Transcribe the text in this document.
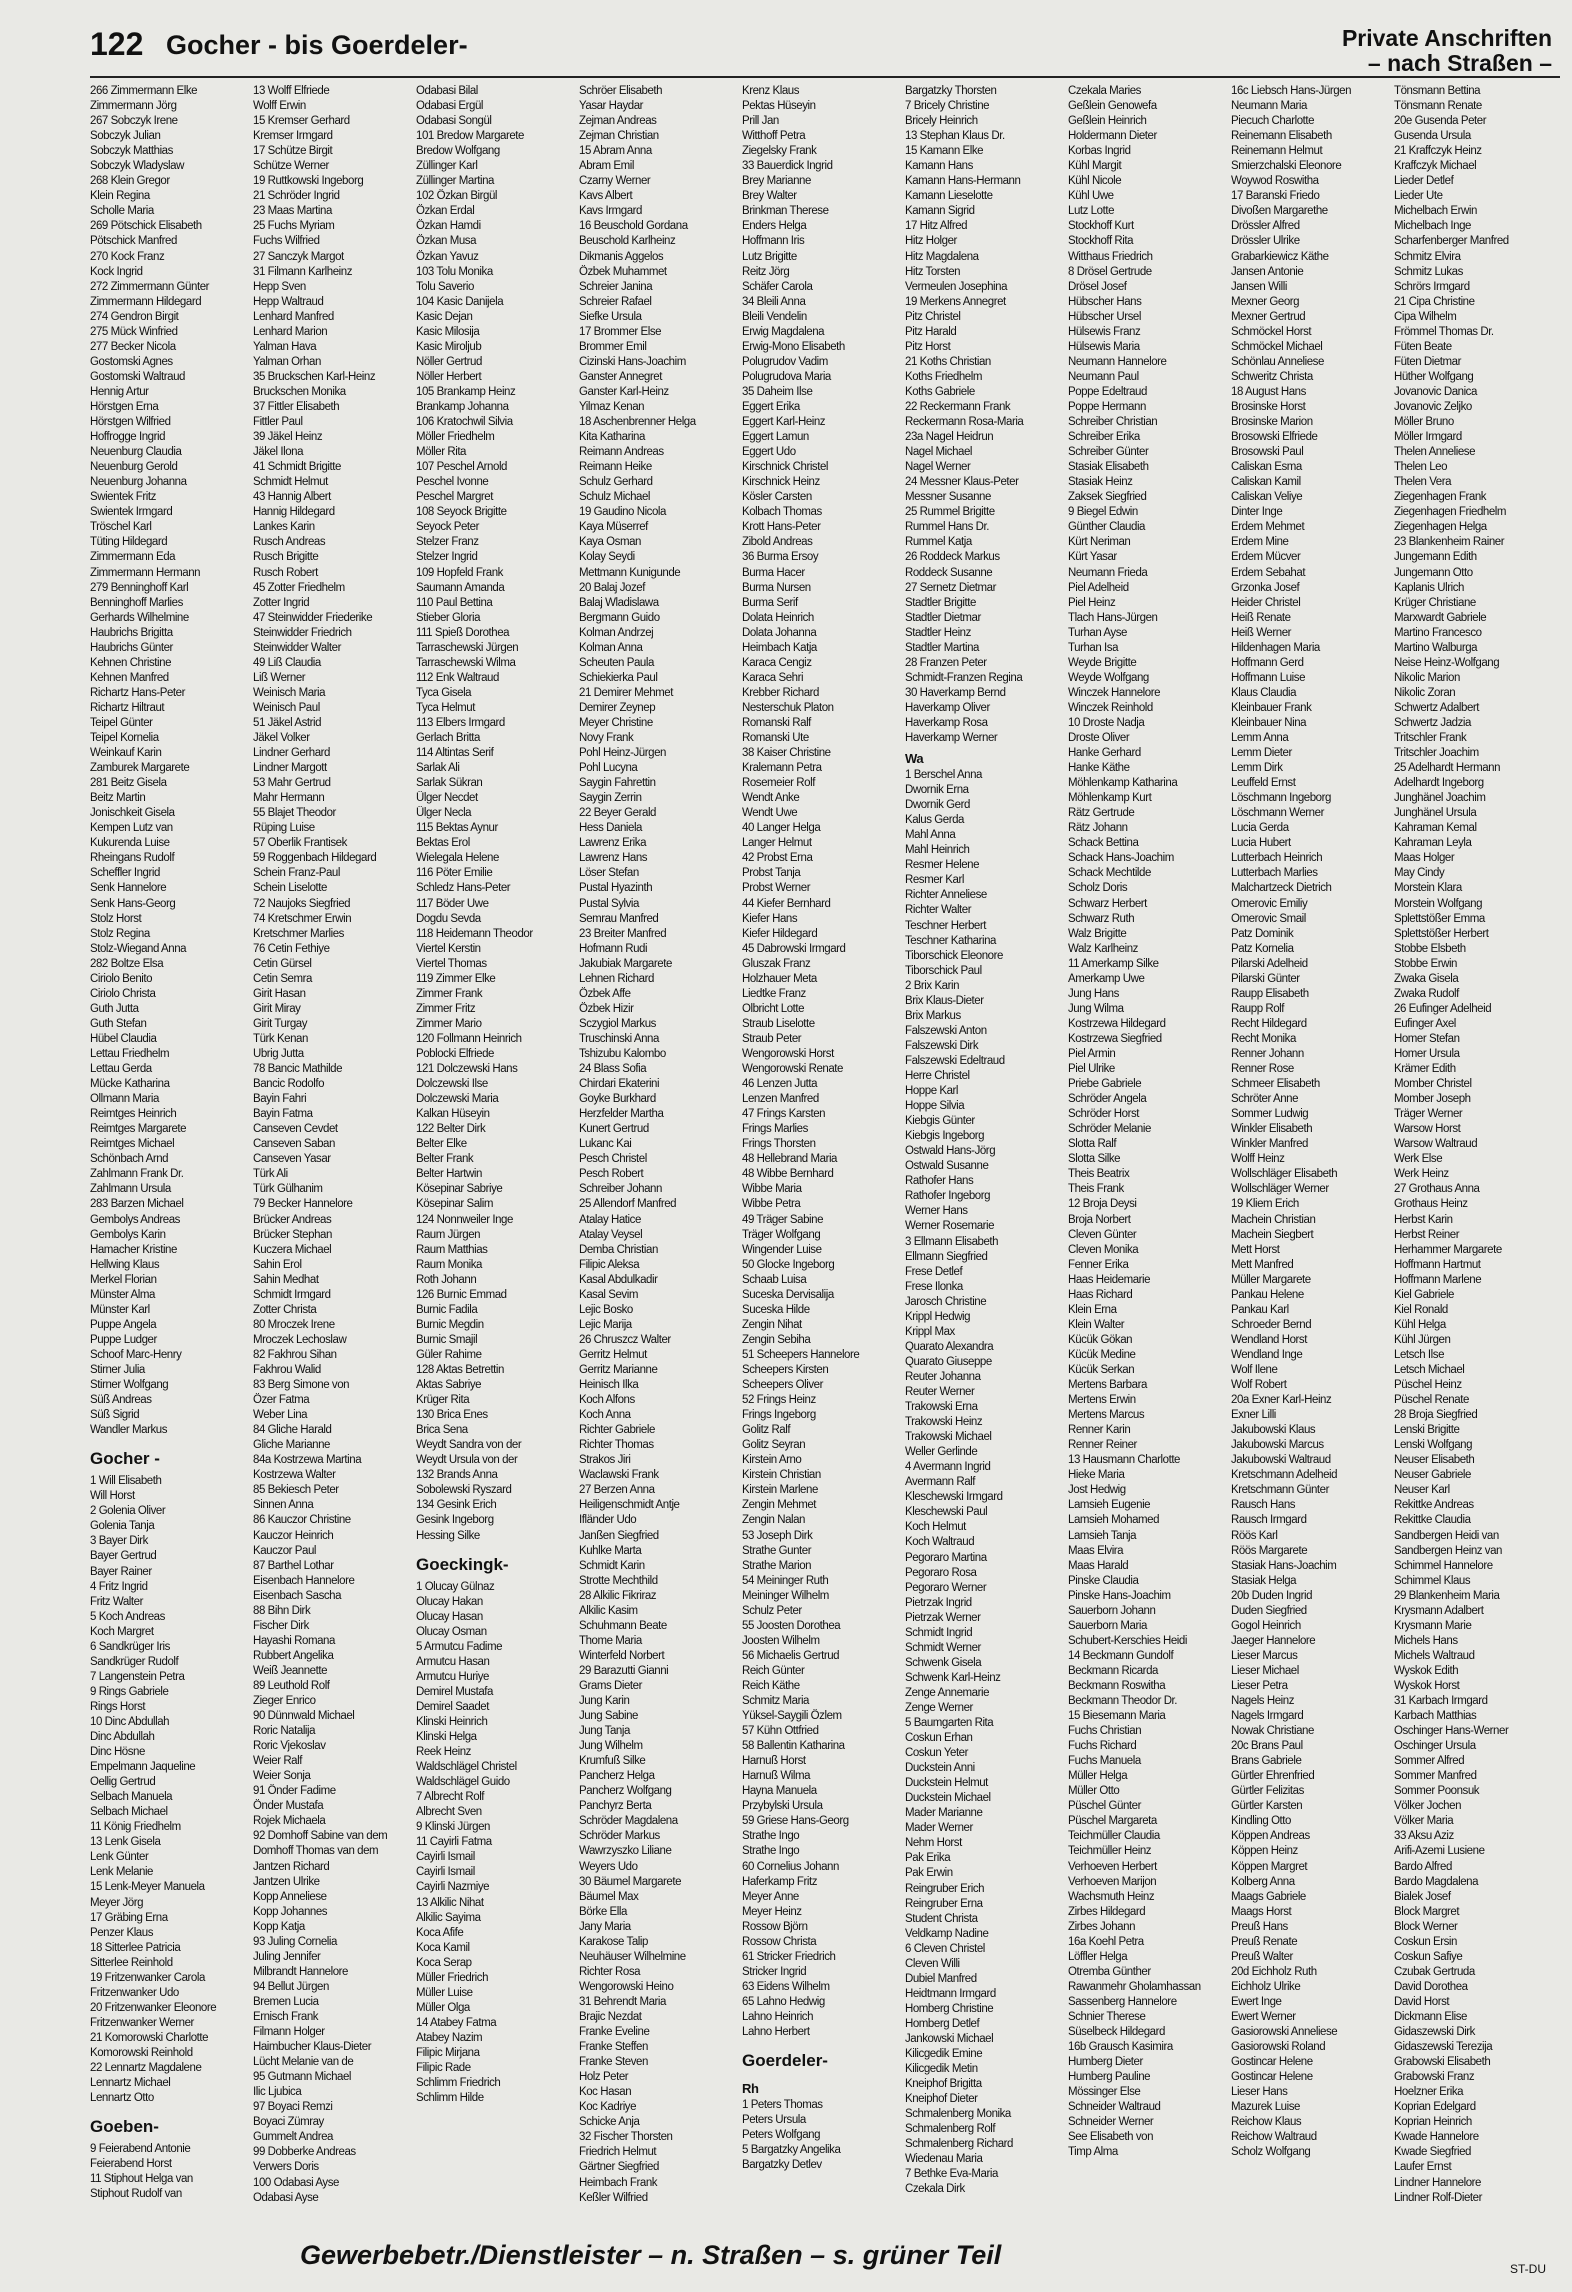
122 Gocher - bis Goerdeler-	Private Anschriften
– nach Straßen –
266 Zimmermann Elke
Zimmermann Jörg
267 Sobczyk Irene
Sobczyk Julian
Sobczyk Matthias
Sobczyk Wladyslaw
268 Klein Gregor
Klein Regina
Scholle Maria
269 Pötschick Elisabeth
Pötschick Manfred
270 Kock Franz
Kock Ingrid
272 Zimmermann Günter
Zimmermann Hildegard
274 Gendron Birgit
275 Mück Winfried
277 Becker Nicola
Gostomski Agnes
Gostomski Waltraud
Hennig Artur
Hörstgen Erna
Hörstgen Wilfried
Hoffrogge Ingrid
Neuenburg Claudia
Neuenburg Gerold
Neuenburg Johanna
Swientek Fritz
Swientek Irmgard
Tröschel Karl
Tüting Hildegard
Zimmermann Eda
Zimmermann Hermann
279 Benninghoff Karl
Benninghoff Marlies
Gerhards Wilhelmine
Haubrichs Brigitta
Haubrichs Günter
Kehnen Christine
Kehnen Manfred
Richartz Hans-Peter
Richartz Hiltraut
Teipel Günter
Teipel Kornelia
Weinkauf Karin
Zamburek Margarete
281 Beitz Gisela
Beitz Martin
Jonischkeit Gisela
Kempen Lutz van
Kukurenda Luise
Rheingans Rudolf
Scheffler Ingrid
Senk Hannelore
Senk Hans-Georg
Stolz Horst
Stolz Regina
Stolz-Wiegand Anna
282 Boltze Elsa
Ciriolo Benito
Ciriolo Christa
Guth Jutta
Guth Stefan
Hübel Claudia
Lettau Friedhelm
Lettau Gerda
Mücke Katharina
Ollmann Maria
Reimtges Heinrich
Reimtges Margarete
Reimtges Michael
Schönbach Arnd
Zahlmann Frank Dr.
Zahlmann Ursula
283 Barzen Michael
Gembolys Andreas
Gembolys Karin
Hamacher Kristine
Hellwing Klaus
Merkel Florian
Münster Alma
Münster Karl
Puppe Angela
Puppe Ludger
Schoof Marc-Henry
Stirner Julia
Stirner Wolfgang
Süß Andreas
Süß Sigrid
Wandler Markus
Gocher -
1 Will Elisabeth
Will Horst
2 Golenia Oliver
Golenia Tanja
3 Bayer Dirk
Bayer Gertrud
Bayer Rainer
4 Fritz Ingrid
Fritz Walter
5 Koch Andreas
Koch Margret
6 Sandkrüger Iris
Sandkrüger Rudolf
7 Langenstein Petra
9 Rings Gabriele
Rings Horst
10 Dinc Abdullah
Dinc Abdullah
Dinc Hösne
Empelmann Jaqueline
Oellig Gertrud
Selbach Manuela
Selbach Michael
11 König Friedhelm
13 Lenk Gisela
Lenk Günter
Lenk Melanie
15 Lenk-Meyer Manuela
Meyer Jörg
17 Gräbing Erna
Penzer Klaus
18 Sitterlee Patricia
Sitterlee Reinhold
19 Fritzenwanker Carola
Fritzenwanker Udo
20 Fritzenwanker Eleonore
Fritzenwanker Werner
21 Komorowski Charlotte
Komorowski Reinhold
22 Lennartz Magdalene
Lennartz Michael
Lennartz Otto
Goeben-
9 Feierabend Antonie
Feierabend Horst
11 Stiphout Helga van
Stiphout Rudolf van
13 Wolff Elfriede
Wolff Erwin
15 Kremser Gerhard
Kremser Irmgard
17 Schütze Birgit
Schütze Werner
19 Ruttkowski Ingeborg
21 Schröder Ingrid
23 Maas Martina
25 Fuchs Myriam
Fuchs Wilfried
27 Sanczyk Margot
31 Filmann Karlheinz
Hepp Sven
Hepp Waltraud
Lenhard Manfred
Lenhard Marion
Yalman Hava
Yalman Orhan
35 Bruckschen Karl-Heinz
Bruckschen Monika
37 Fittler Elisabeth
Fittler Paul
39 Jäkel Heinz
Jäkel Ilona
41 Schmidt Brigitte
Schmidt Helmut
43 Hannig Albert
Hannig Hildegard
Lankes Karin
Rusch Andreas
Rusch Brigitte
Rusch Robert
45 Zotter Friedhelm
Zotter Ingrid
47 Steinwidder Friederike
Steinwidder Friedrich
Steinwidder Walter
49 Liß Claudia
Liß Werner
Weinisch Maria
Weinisch Paul
51 Jäkel Astrid
Jäkel Volker
Lindner Gerhard
Lindner Margott
53 Mahr Gertrud
Mahr Hermann
55 Blajet Theodor
Rüping Luise
57 Oberlik Frantisek
59 Roggenbach Hildegard
Schein Franz-Paul
Schein Liselotte
72 Naujoks Siegfried
74 Kretschmer Erwin
Kretschmer Marlies
76 Cetin Fethiye
Cetin Gürsel
Cetin Semra
Girit Hasan
Girit Miray
Girit Turgay
Türk Kenan
Ubrig Jutta
78 Bancic Mathilde
Bancic Rodolfo
Bayin Fahri
Bayin Fatma
Canseven Cevdet
Canseven Saban
Canseven Yasar
Türk Ali
Türk Gülhanim
79 Becker Hannelore
Brücker Andreas
Brücker Stephan
Kuczera Michael
Sahin Erol
Sahin Medhat
Schmidt Irmgard
Zotter Christa
80 Mroczek Irene
Mroczek Lechoslaw
82 Fakhrou Sihan
Fakhrou Walid
83 Berg Simone von
Özer Fatma
Weber Lina
84 Gliche Harald
Gliche Marianne
84a Kostrzewa Martina
Kostrzewa Walter
85 Bekiesch Peter
Sinnen Anna
86 Kauczor Christine
Kauczor Heinrich
Kauczor Paul
87 Barthel Lothar
Eisenbach Hannelore
Eisenbach Sascha
88 Bihn Dirk
Fischer Dirk
Hayashi Romana
Rubbert Angelika
Weiß Jeannette
89 Leuthold Rolf
Zieger Enrico
90 Dünnwald Michael
Roric Natalija
Roric Vjekoslav
Weier Ralf
Weier Sonja
91 Önder Fadime
Önder Mustafa
Rojek Michaela
92 Domhoff Sabine van dem
Domhoff Thomas van dem
Jantzen Richard
Jantzen Ulrike
Kopp Anneliese
Kopp Johannes
Kopp Katja
93 Juling Cornelia
Juling Jennifer
Milbrandt Hannelore
94 Bellut Jürgen
Bremen Lucia
Ernisch Frank
Filmann Holger
Haimbucher Klaus-Dieter
Lücht Melanie van de
95 Gutmann Michael
Ilic Ljubica
97 Boyaci Remzi
Boyaci Zümray
Gummelt Andrea
99 Dobberke Andreas
Verwers Doris
100 Odabasi Ayse
Odabasi Ayse
Odabasi Bilal
Odabasi Ergül
Odabasi Songül
101 Bredow Margarete
Bredow Wolfgang
Züllinger Karl
Züllinger Martina
102 Özkan Birgül
Özkan Erdal
Özkan Hamdi
Özkan Musa
Özkan Yavuz
103 Tolu Monika
Tolu Saverio
104 Kasic Danijela
Kasic Dejan
Kasic Milosija
Kasic Miroljub
Nöller Gertrud
Nöller Herbert
105 Brankamp Heinz
Brankamp Johanna
106 Kratochwil Silvia
Möller Friedhelm
Möller Rita
107 Peschel Arnold
Peschel Ivonne
Peschel Margret
108 Seyock Brigitte
Seyock Peter
Stelzer Franz
Stelzer Ingrid
109 Hopfeld Frank
Saumann Amanda
110 Paul Bettina
Stieber Gloria
111 Spieß Dorothea
Tarraschewski Jürgen
Tarraschewski Wilma
112 Enk Waltraud
Tyca Gisela
Tyca Helmut
113 Elbers Irmgard
Gerlach Britta
114 Altintas Serif
Sarlak Ali
Sarlak Sükran
Ülger Necdet
Ülger Necla
115 Bektas Aynur
Bektas Erol
Wielegala Helene
116 Pöter Emilie
Schledz Hans-Peter
117 Böder Uwe
Dogdu Sevda
118 Heidemann Theodor
Viertel Kerstin
Viertel Thomas
119 Zimmer Elke
Zimmer Frank
Zimmer Fritz
Zimmer Mario
120 Follmann Heinrich
Poblocki Elfriede
121 Dolczewski Hans
Dolczewski Ilse
Dolczewski Maria
Kalkan Hüseyin
122 Belter Dirk
Belter Elke
Belter Frank
Belter Hartwin
Kösepinar Sabriye
Kösepinar Salim
124 Nonnweiler Inge
Raum Jürgen
Raum Matthias
Raum Monika
Roth Johann
126 Burnic Emmad
Burnic Fadila
Burnic Megdin
Burnic Smajil
Güler Rahime
128 Aktas Betrettin
Aktas Sabriye
Krüger Rita
130 Brica Enes
Brica Sena
Weydt Sandra von der
Weydt Ursula von der
132 Brands Anna
Sobolewski Ryszard
134 Gesink Erich
Gesink Ingeborg
Hessing Silke
Goeckingk-
1 Olucay Gülnaz
Olucay Hakan
Olucay Hasan
Olucay Osman
5 Armutcu Fadime
Armutcu Hasan
Armutcu Huriye
Demirel Mustafa
Demirel Saadet
Klinski Heinrich
Klinski Helga
Reek Heinz
Waldschlägel Christel
Waldschlägel Guido
7 Albrecht Rolf
Albrecht Sven
9 Klinski Jürgen
11 Cayirli Fatma
Cayirli Ismail
Cayirli Ismail
Cayirli Nazmiye
13 Alkilic Nihat
Alkilic Sayima
Koca Afife
Koca Kamil
Koca Serap
Müller Friedrich
Müller Luise
Müller Olga
14 Atabey Fatma
Atabey Nazim
Filipic Mirjana
Filipic Rade
Schlimm Friedrich
Schlimm Hilde
Schröer Elisabeth
Yasar Haydar
Zejman Andreas
Zejman Christian
15 Abram Anna
Abram Emil
Czarny Werner
Kavs Albert
Kavs Irmgard
16 Beuschold Gordana
Beuschold Karlheinz
Dikmanis Aggelos
Özbek Muhammet
Schreier Janina
Schreier Rafael
Siefke Ursula
17 Brommer Else
Brommer Emil
Cizinski Hans-Joachim
Ganster Annegret
Ganster Karl-Heinz
Yilmaz Kenan
18 Aschenbrenner Helga
Kita Katharina
Reimann Andreas
Reimann Heike
Schulz Gerhard
Schulz Michael
19 Gaudino Nicola
Kaya Müserref
Kaya Osman
Kolay Seydi
Mettmann Kunigunde
20 Balaj Jozef
Balaj Wladislawa
Bergmann Guido
Kolman Andrzej
Kolman Anna
Scheuten Paula
Schiekierka Paul
21 Demirer Mehmet
Demirer Zeynep
Meyer Christine
Novy Frank
Pohl Heinz-Jürgen
Pohl Lucyna
Saygin Fahrettin
Saygin Zerrin
22 Beyer Gerald
Hess Daniela
Lawrenz Erika
Lawrenz Hans
Löser Stefan
Pustal Hyazinth
Pustal Sylvia
Semrau Manfred
23 Breiter Manfred
Hofmann Rudi
Jakubiak Margarete
Lehnen Richard
Özbek Affe
Özbek Hizir
Sczygiol Markus
Truschinski Anna
Tshizubu Kalombo
24 Blass Sofia
Chirdari Ekaterini
Goyke Burkhard
Herzfelder Martha
Kunert Gertrud
Lukanc Kai
Pesch Christel
Pesch Robert
Schreiber Johann
25 Allendorf Manfred
Atalay Hatice
Atalay Veysel
Demba Christian
Filipic Aleksa
Kasal Abdulkadir
Kasal Sevim
Lejic Bosko
Lejic Marija
26 Chruszcz Walter
Gerritz Helmut
Gerritz Marianne
Heinisch Ilka
Koch Alfons
Koch Anna
Richter Gabriele
Richter Thomas
Strakos Jiri
Waclawski Frank
27 Berzen Anna
Heiligenschmidt Antje
Ifländer Udo
Janßen Siegfried
Kuhlke Marta
Schmidt Karin
Strotte Mechthild
28 Alkilic Fikriraz
Alkilic Kasim
Schuhmann Beate
Thome Maria
Winterfeld Norbert
29 Barazutti Gianni
Grams Dieter
Jung Karin
Jung Sabine
Jung Tanja
Jung Wilhelm
Krumfuß Silke
Pancherz Helga
Pancherz Wolfgang
Panchyrz Berta
Schröder Magdalena
Schröder Markus
Wawrzyszko Liliane
Weyers Udo
30 Bäumel Margarete
Bäumel Max
Börke Ella
Jany Maria
Karakose Talip
Neuhäuser Wilhelmine
Richter Rosa
Wengorowski Heino
31 Behrendt Maria
Brajic Nezdat
Franke Eveline
Franke Steffen
Franke Steven
Holz Peter
Koc Hasan
Koc Kadriye
Schicke Anja
32 Fischer Thorsten
Friedrich Helmut
Gärtner Siegfried
Heimbach Frank
Keßler Wilfried
Krenz Klaus
Pektas Hüseyin
Prill Jan
Witthoff Petra
Ziegelsky Frank
33 Bauerdick Ingrid
Brey Marianne
Brey Walter
Brinkman Therese
Enders Helga
Hoffmann Iris
Lutz Brigitte
Reitz Jörg
Schäfer Carola
34 Bleili Anna
Bleili Vendelin
Erwig Magdalena
Erwig-Mono Elisabeth
Polugrudov Vadim
Polugrudova Maria
35 Daheim Ilse
Eggert Erika
Eggert Karl-Heinz
Eggert Lamun
Eggert Udo
Kirschnick Christel
Kirschnick Heinz
Kösler Carsten
Kolbach Thomas
Krott Hans-Peter
Zibold Andreas
36 Burma Ersoy
Burma Hacer
Burma Nursen
Burma Serif
Dolata Heinrich
Dolata Johanna
Heimbach Katja
Karaca Cengiz
Karaca Sehri
Krebber Richard
Nesterschuk Platon
Romanski Ralf
Romanski Ute
38 Kaiser Christine
Kralemann Petra
Rosemeier Rolf
Wendt Anke
Wendt Uwe
40 Langer Helga
Langer Helmut
42 Probst Erna
Probst Tanja
Probst Werner
44 Kiefer Bernhard
Kiefer Hans
Kiefer Hildegard
45 Dabrowski Irmgard
Gluszak Franz
Holzhauer Meta
Liedtke Franz
Olbricht Lotte
Straub Liselotte
Straub Peter
Wengorowski Horst
Wengorowski Renate
46 Lenzen Jutta
Lenzen Manfred
47 Frings Karsten
Frings Marlies
Frings Thorsten
48 Hellebrand Maria
48 Wibbe Bernhard
Wibbe Maria
Wibbe Petra
49 Träger Sabine
Träger Wolfgang
Wingender Luise
50 Glocke Ingeborg
Schaab Luisa
Suceska Dervisalija
Suceska Hilde
Zengin Nihat
Zengin Sebiha
51 Scheepers Hannelore
Scheepers Kirsten
Scheepers Oliver
52 Frings Heinz
Frings Ingeborg
Golitz Ralf
Golitz Seyran
Kirstein Arno
Kirstein Christian
Kirstein Marlene
Zengin Mehmet
Zengin Nalan
53 Joseph Dirk
Strathe Gunter
Strathe Marion
54 Meininger Ruth
Meininger Wilhelm
Schulz Peter
55 Joosten Dorothea
Joosten Wilhelm
56 Michaelis Gertrud
Reich Günter
Reich Käthe
Schmitz Maria
Yüksel-Saygili Özlem
57 Kühn Ottfried
58 Ballentin Katharina
Harnuß Horst
Harnuß Wilma
Hayna Manuela
Przybylski Ursula
59 Griese Hans-Georg
Strathe Ingo
Strathe Ingo
60 Cornelius Johann
Haferkamp Fritz
Meyer Anne
Meyer Heinz
Rossow Björn
Rossow Christa
61 Stricker Friedrich
Stricker Ingrid
63 Eidens Wilhelm
65 Lahno Hedwig
Lahno Heinrich
Lahno Herbert
Goerdeler-
Rh
1 Peters Thomas
Peters Ursula
Peters Wolfgang
5 Bargatzky Angelika
Bargatzky Detlev
Bargatzky Thorsten
7 Bricely Christine
Bricely Heinrich
13 Stephan Klaus Dr.
15 Kamann Elke
Kamann Hans
Kamann Hans-Hermann
Kamann Lieselotte
Kamann Sigrid
17 Hitz Alfred
Hitz Holger
Hitz Magdalena
Hitz Torsten
Vermeulen Josephina
19 Merkens Annegret
Pitz Christel
Pitz Harald
Pitz Horst
21 Koths Christian
Koths Friedhelm
Koths Gabriele
22 Reckermann Frank
Reckermann Rosa-Maria
23a Nagel Heidrun
Nagel Michael
Nagel Werner
24 Messner Klaus-Peter
Messner Susanne
25 Rummel Brigitte
Rummel Hans Dr.
Rummel Katja
26 Roddeck Markus
Roddeck Susanne
27 Sernetz Dietmar
Stadtler Brigitte
Stadtler Dietmar
Stadtler Heinz
Stadtler Martina
28 Franzen Peter
Schmidt-Franzen Regina
30 Haverkamp Bernd
Haverkamp Oliver
Haverkamp Rosa
Haverkamp Werner
Wa
1 Berschel Anna
Dwornik Erna
Dwornik Gerd
Kalus Gerda
Mahl Anna
Mahl Heinrich
Resmer Helene
Resmer Karl
Richter Anneliese
Richter Walter
Teschner Herbert
Teschner Katharina
Tiborschick Eleonore
Tiborschick Paul
2 Brix Karin
Brix Klaus-Dieter
Brix Markus
Falszewski Anton
Falszewski Dirk
Falszewski Edeltraud
Herre Christel
Hoppe Karl
Hoppe Silvia
Kiebgis Günter
Kiebgis Ingeborg
Ostwald Hans-Jörg
Ostwald Susanne
Rathofer Hans
Rathofer Ingeborg
Werner Hans
Werner Rosemarie
3 Ellmann Elisabeth
Ellmann Siegfried
Frese Detlef
Frese Ilonka
Jarosch Christine
Krippl Hedwig
Krippl Max
Quarato Alexandra
Quarato Giuseppe
Reuter Johanna
Reuter Werner
Trakowski Erna
Trakowski Heinz
Trakowski Michael
Weller Gerlinde
4 Avermann Ingrid
Avermann Ralf
Kleschewski Irmgard
Kleschewski Paul
Koch Helmut
Koch Waltraud
Pegoraro Martina
Pegoraro Rosa
Pegoraro Werner
Pietrzak Ingrid
Pietrzak Werner
Schmidt Ingrid
Schmidt Werner
Schwenk Gisela
Schwenk Karl-Heinz
Zenge Annemarie
Zenge Werner
5 Baumgarten Rita
Coskun Erhan
Coskun Yeter
Duckstein Anni
Duckstein Helmut
Duckstein Michael
Mader Marianne
Mader Werner
Nehm Horst
Pak Erika
Pak Erwin
Reingruber Erich
Reingruber Erna
Student Christa
Veldkamp Nadine
6 Cleven Christel
Cleven Willi
Dubiel Manfred
Heidtmann Irmgard
Homberg Christine
Homberg Detlef
Jankowski Michael
Kilicgedik Emine
Kilicgedik Metin
Kneiphof Brigitta
Kneiphof Dieter
Schmalenberg Monika
Schmalenberg Rolf
Schmalenberg Richard
Wiedenau Maria
7 Bethke Eva-Maria
Czekala Dirk
Czekala Maries
Geßlein Genowefa
Geßlein Heinrich
Holdermann Dieter
Korbas Ingrid
Kühl Margit
Kühl Nicole
Kühl Uwe
Lutz Lotte
Stockhoff Kurt
Stockhoff Rita
Witthaus Friedrich
8 Drösel Gertrude
Drösel Josef
Hübscher Hans
Hübscher Ursel
Hülsewis Franz
Hülsewis Maria
Neumann Hannelore
Neumann Paul
Poppe Edeltraud
Poppe Hermann
Schreiber Christian
Schreiber Erika
Schreiber Günter
Stasiak Elisabeth
Stasiak Heinz
Zaksek Siegfried
9 Biegel Edwin
Günther Claudia
Kürt Neriman
Kürt Yasar
Neumann Frieda
Piel Adelheid
Piel Heinz
Tlach Hans-Jürgen
Turhan Ayse
Turhan Isa
Weyde Brigitte
Weyde Wolfgang
Winczek Hannelore
Winczek Reinhold
10 Droste Nadja
Droste Oliver
Hanke Gerhard
Hanke Käthe
Möhlenkamp Katharina
Möhlenkamp Kurt
Rätz Gertrude
Rätz Johann
Schack Bettina
Schack Hans-Joachim
Schack Mechtilde
Scholz Doris
Schwarz Herbert
Schwarz Ruth
Walz Brigitte
Walz Karlheinz
11 Amerkamp Silke
Amerkamp Uwe
Jung Hans
Jung Wilma
Kostrzewa Hildegard
Kostrzewa Siegfried
Piel Armin
Piel Ulrike
Priebe Gabriele
Schröder Angela
Schröder Horst
Schröder Melanie
Slotta Ralf
Slotta Silke
Theis Beatrix
Theis Frank
12 Broja Deysi
Broja Norbert
Cleven Günter
Cleven Monika
Fenner Erika
Haas Heidemarie
Haas Richard
Klein Erna
Klein Walter
Kücük Gökan
Kücük Medine
Kücük Serkan
Mertens Barbara
Mertens Erwin
Mertens Marcus
Renner Karin
Renner Reiner
13 Hausmann Charlotte
Hieke Maria
Jost Hedwig
Lamsieh Eugenie
Lamsieh Mohamed
Lamsieh Tanja
Maas Elvira
Maas Harald
Pinske Claudia
Pinske Hans-Joachim
Sauerborn Johann
Sauerborn Maria
Schubert-Kerschies Heidi
14 Beckmann Gundolf
Beckmann Ricarda
Beckmann Roswitha
Beckmann Theodor Dr.
15 Biesemann Maria
Fuchs Christian
Fuchs Richard
Fuchs Manuela
Müller Helga
Müller Otto
Püschel Günter
Püschel Margareta
Teichmüller Claudia
Teichmüller Heinz
Verhoeven Herbert
Verhoeven Marijon
Wachsmuth Heinz
Zirbes Hildegard
Zirbes Johann
16a Koehl Petra
Löffler Helga
Otremba Günther
Rawanmehr Gholamhassan
Sassenberg Hannelore
Schnier Therese
Süselbeck Hildegard
16b Grausch Kasimira
Humberg Dieter
Humberg Pauline
Mössinger Else
Schneider Waltraud
Schneider Werner
See Elisabeth von
Timp Alma
16c Liebsch Hans-Jürgen
Neumann Maria
Piecuch Charlotte
Reinemann Elisabeth
Reinemann Helmut
Smierzchalski Eleonore
Woywod Roswitha
17 Baranski Friedo
Divoßen Margarethe
Drössler Alfred
Drössler Ulrike
Grabarkiewicz Käthe
Jansen Antonie
Jansen Willi
Mexner Georg
Mexner Gertrud
Schmöckel Horst
Schmöckel Michael
Schönlau Anneliese
Schweritz Christa
18 August Hans
Brosinske Horst
Brosinske Marion
Brosowski Elfriede
Brosowski Paul
Caliskan Esma
Caliskan Kamil
Caliskan Veliye
Dinter Inge
Erdem Mehmet
Erdem Mine
Erdem Mücver
Erdem Sebahat
Grzonka Josef
Heider Christel
Heiß Renate
Heiß Werner
Hildenhagen Maria
Hoffmann Gerd
Hoffmann Luise
Klaus Claudia
Kleinbauer Frank
Kleinbauer Nina
Lemm Anna
Lemm Dieter
Lemm Dirk
Leuffeld Ernst
Löschmann Ingeborg
Löschmann Werner
Lucia Gerda
Lucia Hubert
Lutterbach Heinrich
Lutterbach Marlies
Malchartzeck Dietrich
Omerovic Emiliy
Omerovic Smail
Patz Dominik
Patz Kornelia
Pilarski Adelheid
Pilarski Günter
Raupp Elisabeth
Raupp Rolf
Recht Hildegard
Recht Monika
Renner Johann
Renner Rose
Schmeer Elisabeth
Schröter Anne
Sommer Ludwig
Winkler Elisabeth
Winkler Manfred
Wolff Heinz
Wollschläger Elisabeth
Wollschläger Werner
19 Kliem Erich
Machein Christian
Machein Siegbert
Mett Horst
Mett Manfred
Müller Margarete
Pankau Helene
Pankau Karl
Schroeder Bernd
Wendland Horst
Wendland Inge
Wolf Ilene
Wolf Robert
20a Exner Karl-Heinz
Exner Lilli
Jakubowski Klaus
Jakubowski Marcus
Jakubowski Waltraud
Kretschmann Adelheid
Kretschmann Günter
Rausch Hans
Rausch Irmgard
Röös Karl
Röös Margarete
Stasiak Hans-Joachim
Stasiak Helga
20b Duden Ingrid
Duden Siegfried
Gogol Heinrich
Jaeger Hannelore
Lieser Marcus
Lieser Michael
Lieser Petra
Nagels Heinz
Nagels Irmgard
Nowak Christiane
20c Brans Paul
Brans Gabriele
Gürtler Ehrenfried
Gürtler Felizitas
Gürtler Karsten
Kindling Otto
Köppen Andreas
Köppen Heinz
Köppen Margret
Kolberg Anna
Maags Gabriele
Maags Horst
Preuß Hans
Preuß Renate
Preuß Walter
20d Eichholz Ruth
Eichholz Ulrike
Ewert Inge
Ewert Werner
Gasiorowski Anneliese
Gasiorowski Roland
Gostincar Helene
Gostincar Helene
Lieser Hans
Mazurek Luise
Reichow Klaus
Reichow Waltraud
Scholz Wolfgang
Tönsmann Bettina
Tönsmann Renate
20e Gusenda Peter
Gusenda Ursula
21 Kraffczyk Heinz
Kraffczyk Michael
Lieder Detlef
Lieder Ute
Michelbach Erwin
Michelbach Inge
Scharfenberger Manfred
Schmitz Elvira
Schmitz Lukas
Schrörs Irmgard
21 Cipa Christine
Cipa Wilhelm
Frömmel Thomas Dr.
Füten Beate
Füten Dietmar
Hüther Wolfgang
Jovanovic Danica
Jovanovic Zeljko
Möller Bruno
Möller Irmgard
Thelen Anneliese
Thelen Leo
Thelen Vera
Ziegenhagen Frank
Ziegenhagen Friedhelm
Ziegenhagen Helga
23 Blankenheim Rainer
Jungemann Edith
Jungemann Otto
Kaplanis Ulrich
Krüger Christiane
Marxwardt Gabriele
Martino Francesco
Martino Walburga
Neise Heinz-Wolfgang
Nikolic Marion
Nikolic Zoran
Schwertz Adalbert
Schwertz Jadzia
Tritschler Frank
Tritschler Joachim
25 Adelhardt Hermann
Adelhardt Ingeborg
Junghänel Joachim
Junghänel Ursula
Kahraman Kemal
Kahraman Leyla
Maas Holger
May Cindy
Morstein Klara
Morstein Wolfgang
Splettstößer Emma
Splettstößer Herbert
Stobbe Elsbeth
Stobbe Erwin
Zwaka Gisela
Zwaka Rudolf
26 Eufinger Adelheid
Eufinger Axel
Homer Stefan
Homer Ursula
Krämer Edith
Momber Christel
Momber Joseph
Träger Werner
Warsow Horst
Warsow Waltraud
Werk Else
Werk Heinz
27 Grothaus Anna
Grothaus Heinz
Herbst Karin
Herbst Reiner
Herhammer Margarete
Hoffmann Hartmut
Hoffmann Marlene
Kiel Gabriele
Kiel Ronald
Kühl Helga
Kühl Jürgen
Letsch Ilse
Letsch Michael
Püschel Heinz
Püschel Renate
28 Broja Siegfried
Lenski Brigitte
Lenski Wolfgang
Neuser Elisabeth
Neuser Gabriele
Neuser Karl
Rekittke Andreas
Rekittke Claudia
Sandbergen Heidi van
Sandbergen Heinz van
Schimmel Hannelore
Schimmel Klaus
29 Blankenheim Maria
Krysmann Adalbert
Krysmann Marie
Michels Hans
Michels Waltraud
Wyskok Edith
Wyskok Horst
31 Karbach Irmgard
Karbach Matthias
Oschinger Hans-Werner
Oschinger Ursula
Sommer Alfred
Sommer Manfred
Sommer Poonsuk
Völker Jochen
Völker Maria
33 Aksu Aziz
Arifi-Azemi Lusiene
Bardo Alfred
Bardo Magdalena
Bialek Josef
Block Margret
Block Werner
Coskun Ersin
Coskun Safiye
Czubak Gertruda
David Dorothea
David Horst
Dickmann Elise
Gidaszewski Dirk
Gidaszewski Terezija
Grabowski Elisabeth
Grabowski Franz
Hoelzner Erika
Koprian Edelgard
Koprian Heinrich
Kwade Hannelore
Kwade Siegfried
Laufer Ernst
Lindner Hannelore
Lindner Rolf-Dieter
Gewerbebetr./Dienstleister – n. Straßen – s. grüner Teil	ST-DU
